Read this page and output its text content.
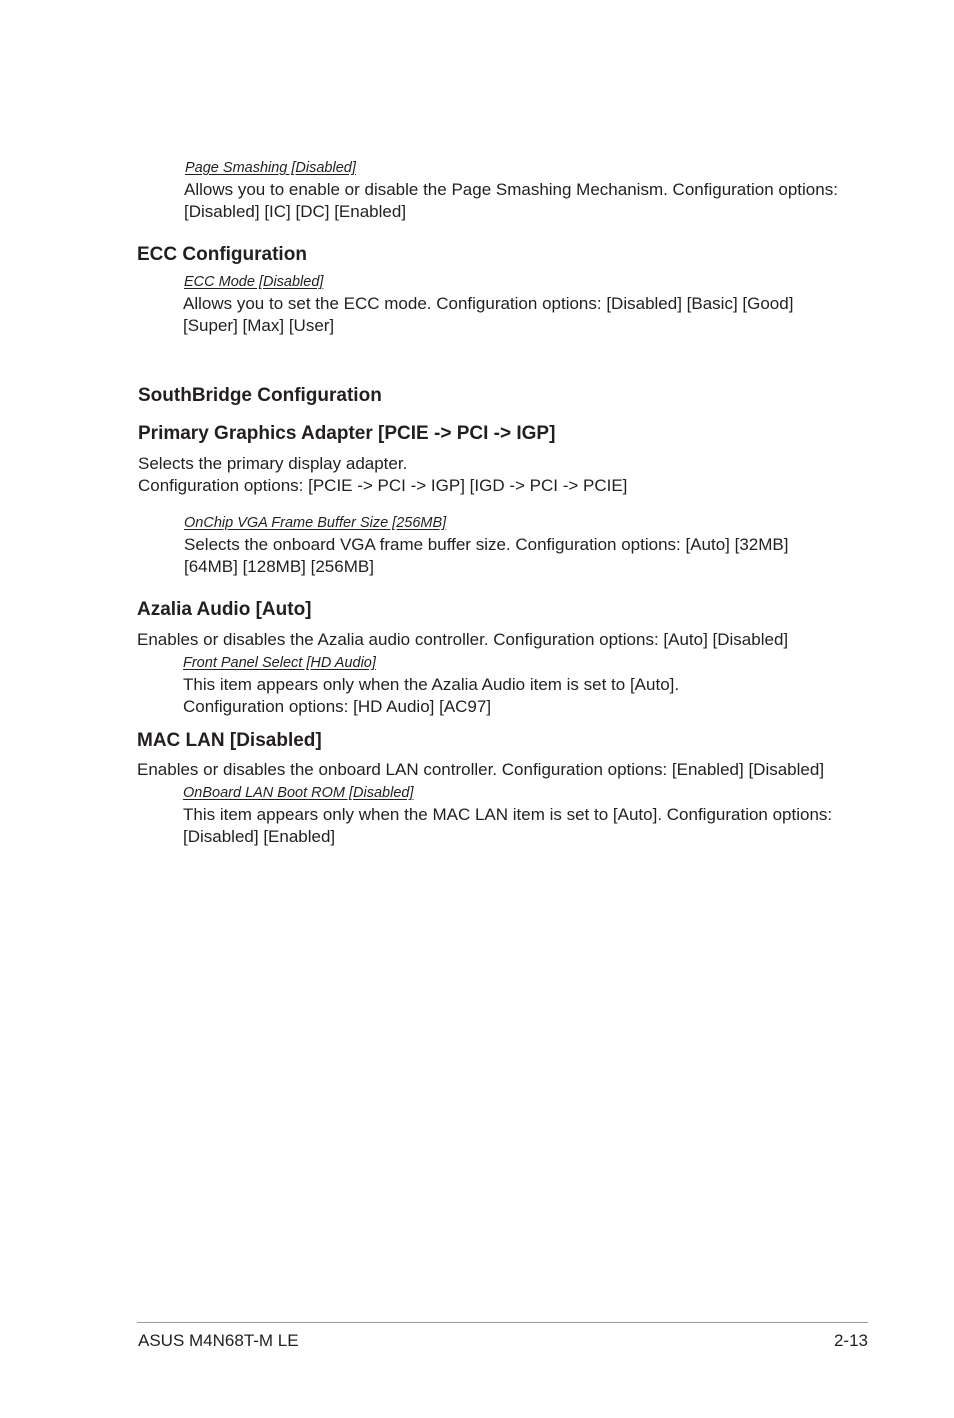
Page Smashing [Disabled]
Allows you to enable or disable the Page Smashing Mechanism. Configuration options:
[Disabled] [IC] [DC] [Enabled]
ECC Configuration
ECC Mode [Disabled]
Allows you to set the ECC mode. Configuration options: [Disabled] [Basic] [Good]
[Super] [Max] [User]
SouthBridge Configuration
Primary Graphics Adapter [PCIE -> PCI -> IGP]
Selects the primary display adapter.
Configuration options: [PCIE -> PCI -> IGP] [IGD -> PCI -> PCIE]
OnChip VGA Frame Buffer Size [256MB]
Selects the onboard VGA frame buffer size. Configuration options: [Auto] [32MB]
[64MB] [128MB] [256MB]
Azalia Audio [Auto]
Enables or disables the Azalia audio controller. Configuration options: [Auto] [Disabled]
Front Panel Select [HD Audio]
This item appears only when the Azalia Audio item is set to [Auto].
Configuration options: [HD Audio] [AC97]
MAC LAN [Disabled]
Enables or disables the onboard LAN controller. Configuration options: [Enabled] [Disabled]
OnBoard LAN Boot ROM [Disabled]
This item appears only when the MAC LAN item is set to [Auto]. Configuration options:
[Disabled] [Enabled]
ASUS M4N68T-M LE	2-13
